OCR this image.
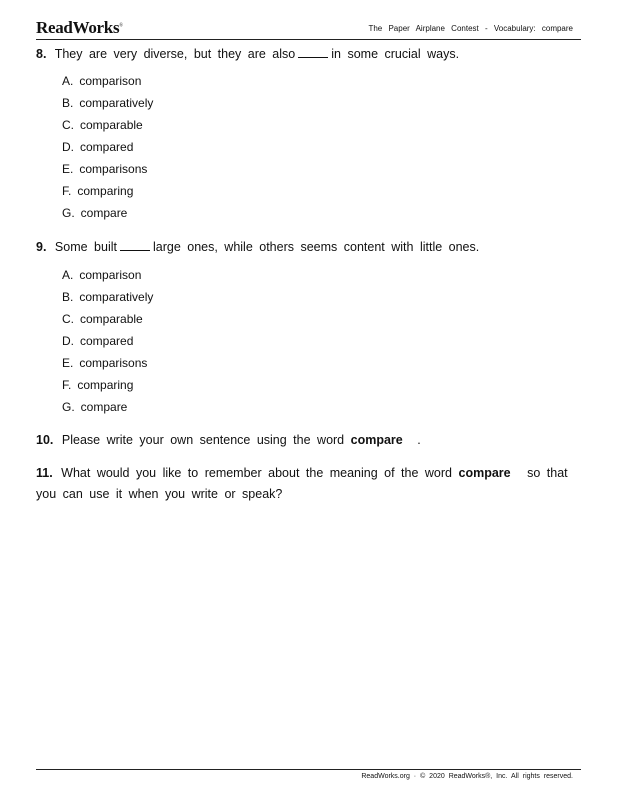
ReadWorks®	The Paper Airplane Contest - Vocabulary: compare
8. They are very diverse, but they are also	in some crucial ways.
A. comparison
B. comparatively
C. comparable
D. compared
E. comparisons
F. comparing
G. compare
9. Some built	large ones, while others seems content with little ones.
A. comparison
B. comparatively
C. comparable
D. compared
E. comparisons
F. comparing
G. compare
10. Please write your own sentence using the word compare .
11. What would you like to remember about the meaning of the word compare so that
you can use it when you write or speak?
ReadWorks.org · © 2020 ReadWorks®, Inc. All rights reserved.
